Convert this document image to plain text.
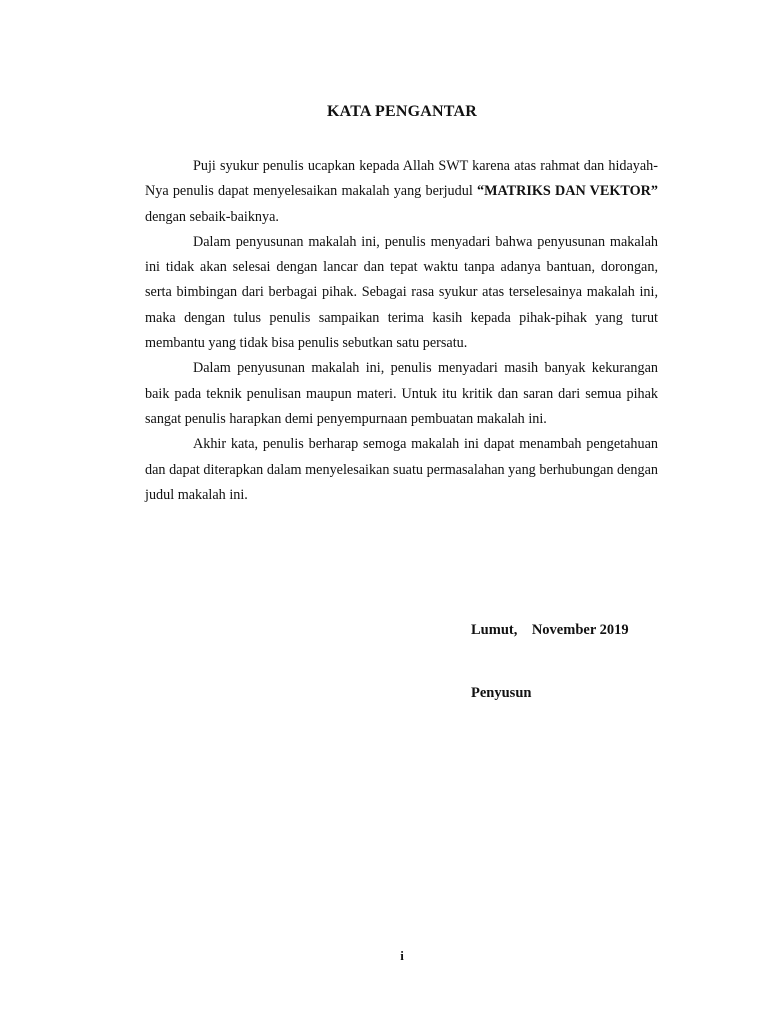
KATA PENGANTAR

Puji syukur penulis ucapkan kepada Allah SWT karena atas rahmat dan hidayah-Nya penulis dapat menyelesaikan makalah yang berjudul “MATRIKS DAN VEKTOR” dengan sebaik-baiknya.

Dalam penyusunan makalah ini, penulis menyadari bahwa penyusunan makalah ini tidak akan selesai dengan lancar dan tepat waktu tanpa adanya bantuan, dorongan, serta bimbingan dari berbagai pihak. Sebagai rasa syukur atas terselesainya makalah ini, maka dengan tulus penulis sampaikan terima kasih kepada pihak-pihak yang turut membantu yang tidak bisa penulis sebutkan satu persatu.

Dalam penyusunan makalah ini, penulis menyadari masih banyak kekurangan baik pada teknik penulisan maupun materi. Untuk itu kritik dan saran dari semua pihak sangat penulis harapkan demi penyempurnaan pembuatan makalah ini.

Akhir kata, penulis berharap semoga makalah ini dapat menambah pengetahuan dan dapat diterapkan dalam menyelesaikan suatu permasalahan yang berhubungan dengan judul makalah ini.

Lumut,    November 2019
Penyusun
i
